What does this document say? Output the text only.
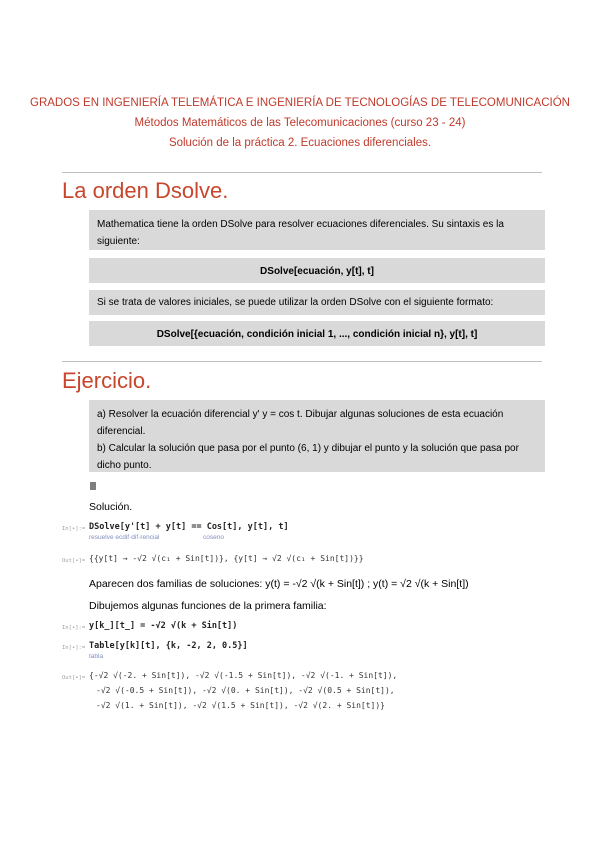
GRADOS EN INGENIERÍA TELEMÁTICA E INGENIERÍA DE TECNOLOGÍAS DE TELECOMUNICACIÓN
Métodos Matemáticos de las Telecomunicaciones (curso 23 - 24)
Solución de la práctica 2. Ecuaciones diferenciales.
La orden Dsolve.
Mathematica tiene la orden DSolve para resolver ecuaciones diferenciales. Su sintaxis es la siguiente:
DSolve[ecuación, y[t], t]
Si se trata de valores iniciales, se puede utilizar la orden DSolve con el siguiente formato:
DSolve[{ecuación, condición inicial 1, ..., condición inicial n}, y[t], t]
Ejercicio.
a) Resolver la ecuación diferencial y' y = cos t. Dibujar algunas soluciones de esta ecuación diferencial.
b) Calcular la solución que pasa por el punto (6, 1) y dibujar el punto y la solución que pasa por dicho punto.
Solución.
In[•]:= DSolve[y'[t] + y[t] == Cos[t], y[t], t]
resuelve ecdif·dif·rencial	coseno
Out[•]= {{y[t] → -√2 √(c₁ + Sin[t])}, {y[t] → √2 √(c₁ + Sin[t])}}
Aparecen dos familias de soluciones: y(t) = -√2 √(k + Sin[t]) ; y(t) = √2 √(k + Sin[t])
Dibujemos algunas funciones de la primera familia:
In[•]:= y[k_][t_] = -√2 √(k + Sin[t])
In[•]:= Table[y[k][t], {k, -2, 2, 0.5}]
tabla
Out[•]= {-√2 √(-2. + Sin[t]), -√2 √(-1.5 + Sin[t]), -√2 √(-1. + Sin[t]),
-√2 √(-0.5 + Sin[t]), -√2 √(0. + Sin[t]), -√2 √(0.5 + Sin[t]),
-√2 √(1. + Sin[t]), -√2 √(1.5 + Sin[t]), -√2 √(2. + Sin[t])}
